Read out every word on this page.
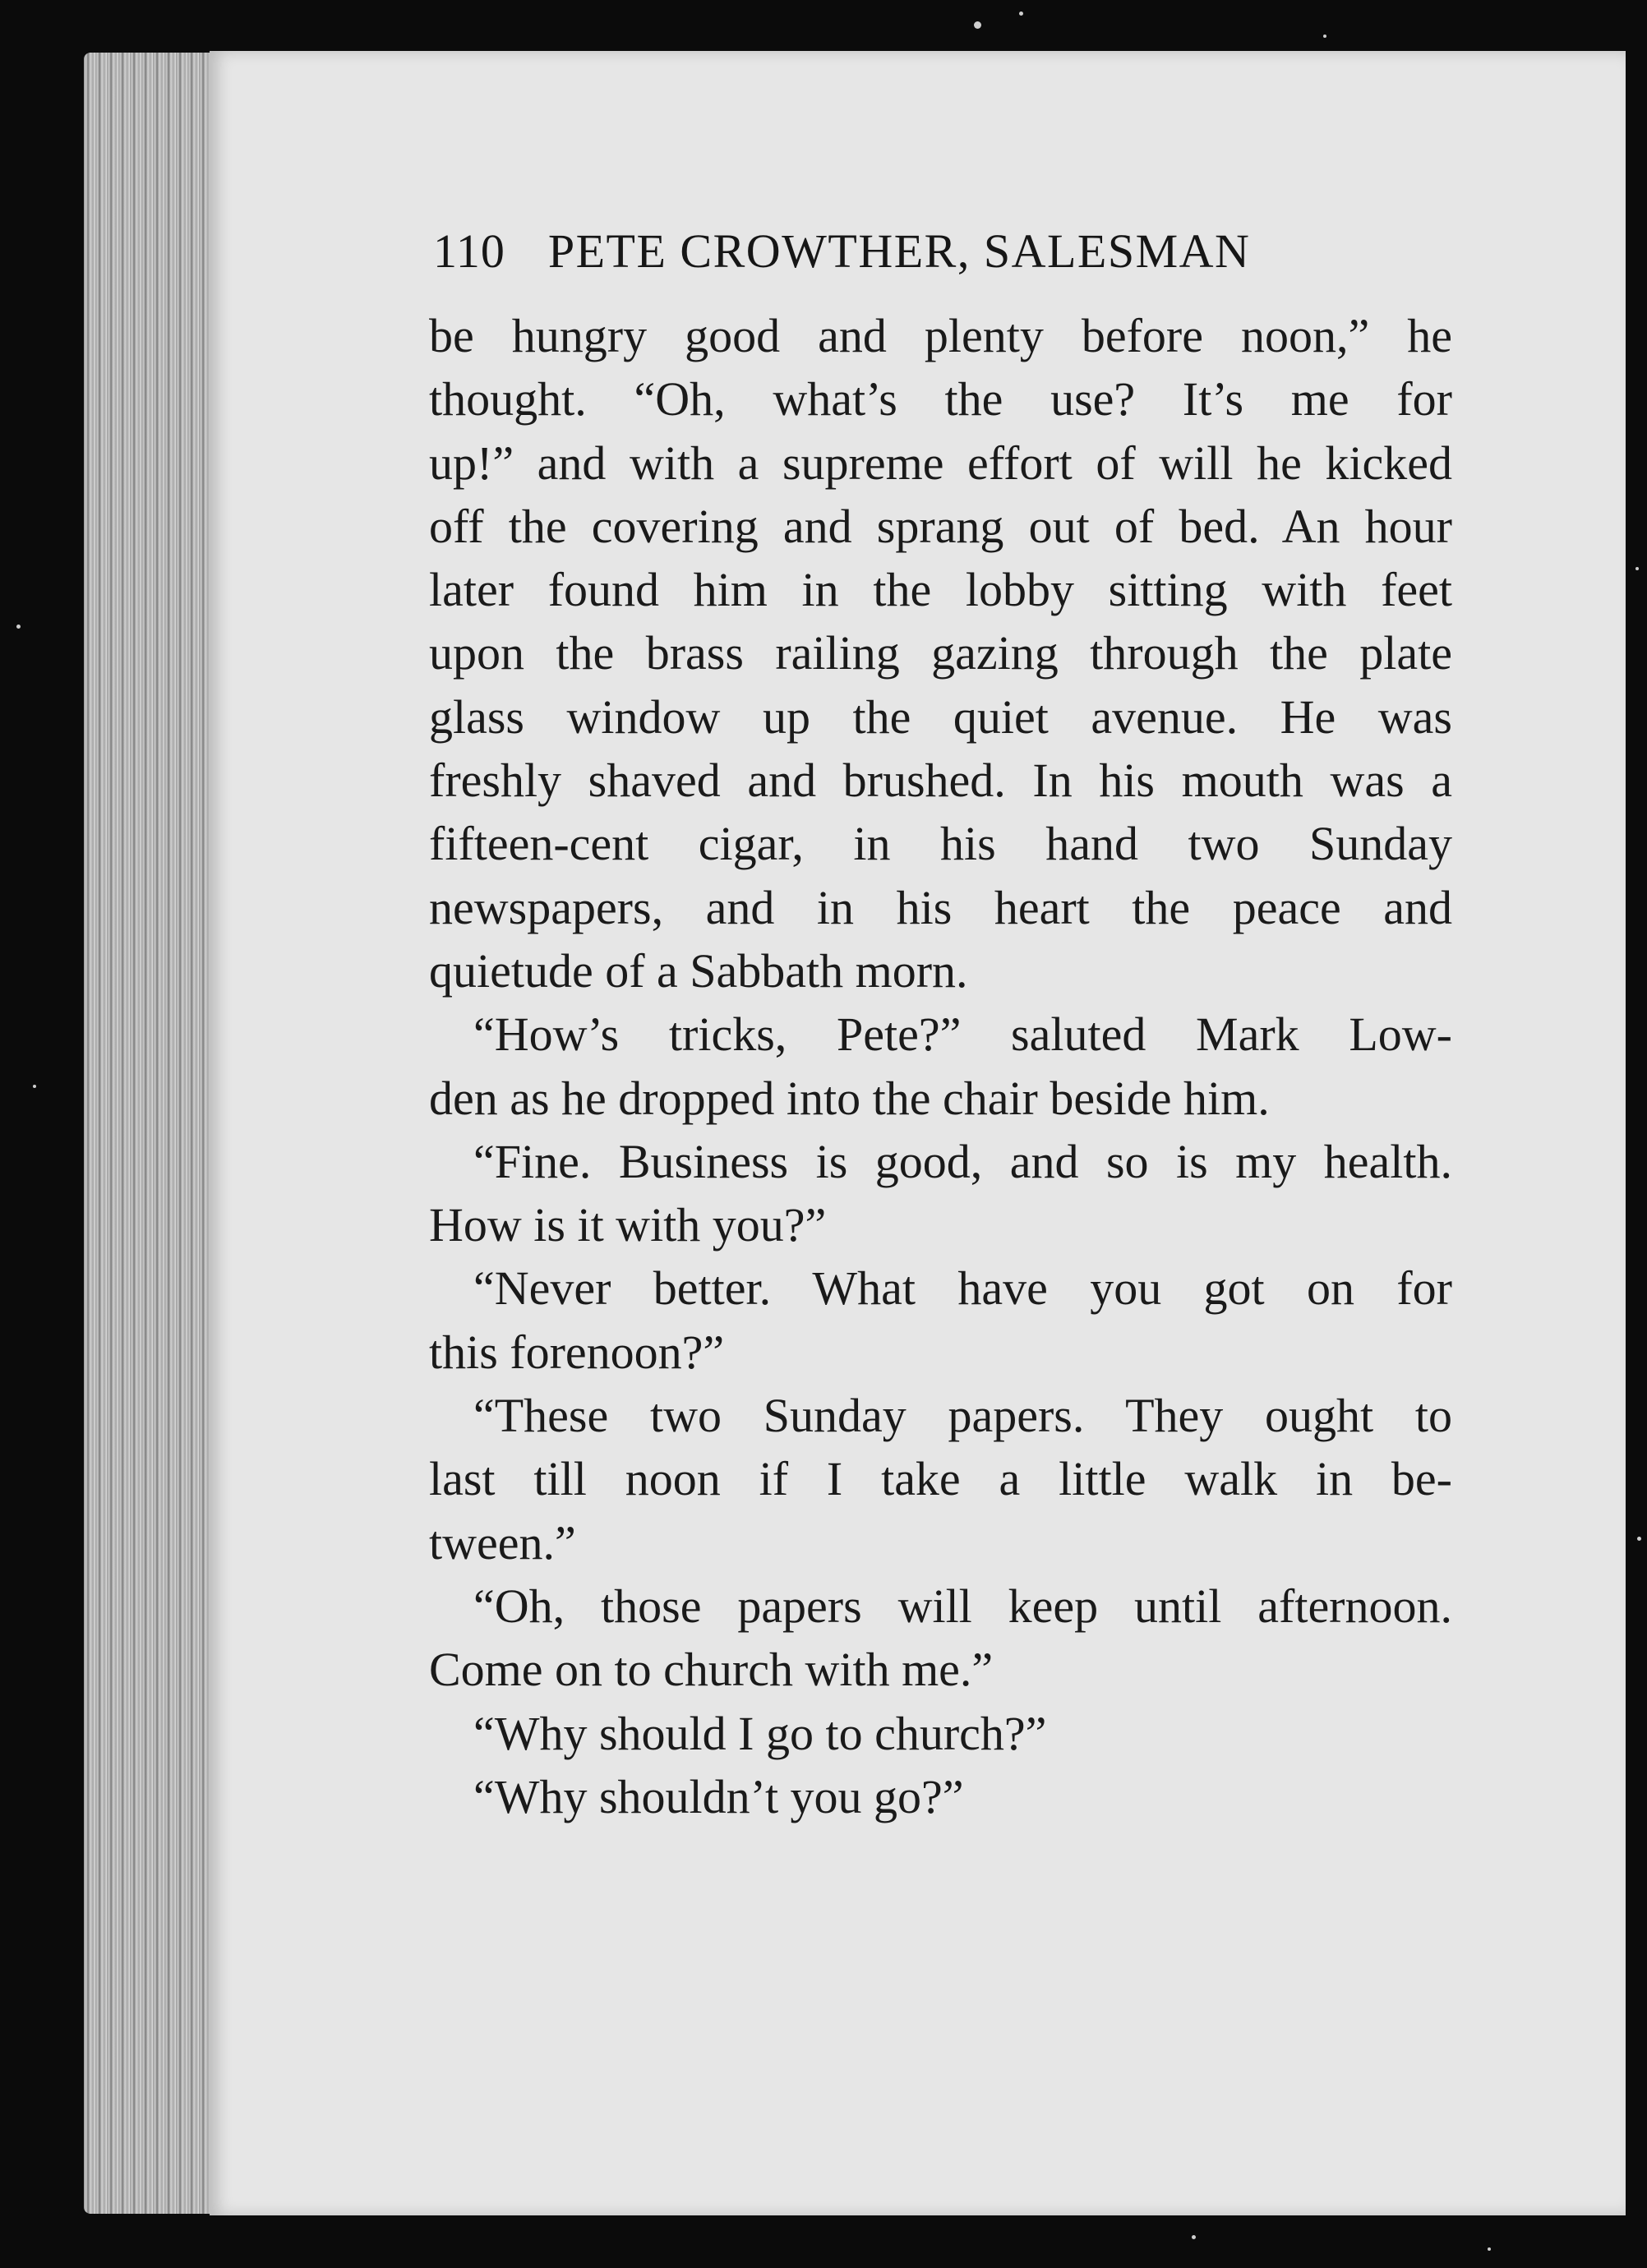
110 PETE CROWTHER, SALESMAN
be hungry good and plenty before noon,” he
thought. “Oh, what’s the use? It’s me for
up!” and with a supreme effort of will he kicked
off the covering and sprang out of bed. An hour
later found him in the lobby sitting with feet
upon the brass railing gazing through the plate
glass window up the quiet avenue. He was
freshly shaved and brushed. In his mouth was a
fifteen-cent cigar, in his hand two Sunday
newspapers, and in his heart the peace and
quietude of a Sabbath morn.
“How’s tricks, Pete?” saluted Mark Low-
den as he dropped into the chair beside him.
“Fine. Business is good, and so is my health.
How is it with you?”
“Never better. What have you got on for
this forenoon?”
“These two Sunday papers. They ought to
last till noon if I take a little walk in be-
tween.”
“Oh, those papers will keep until afternoon.
Come on to church with me.”
“Why should I go to church?”
“Why shouldn’t you go?”
